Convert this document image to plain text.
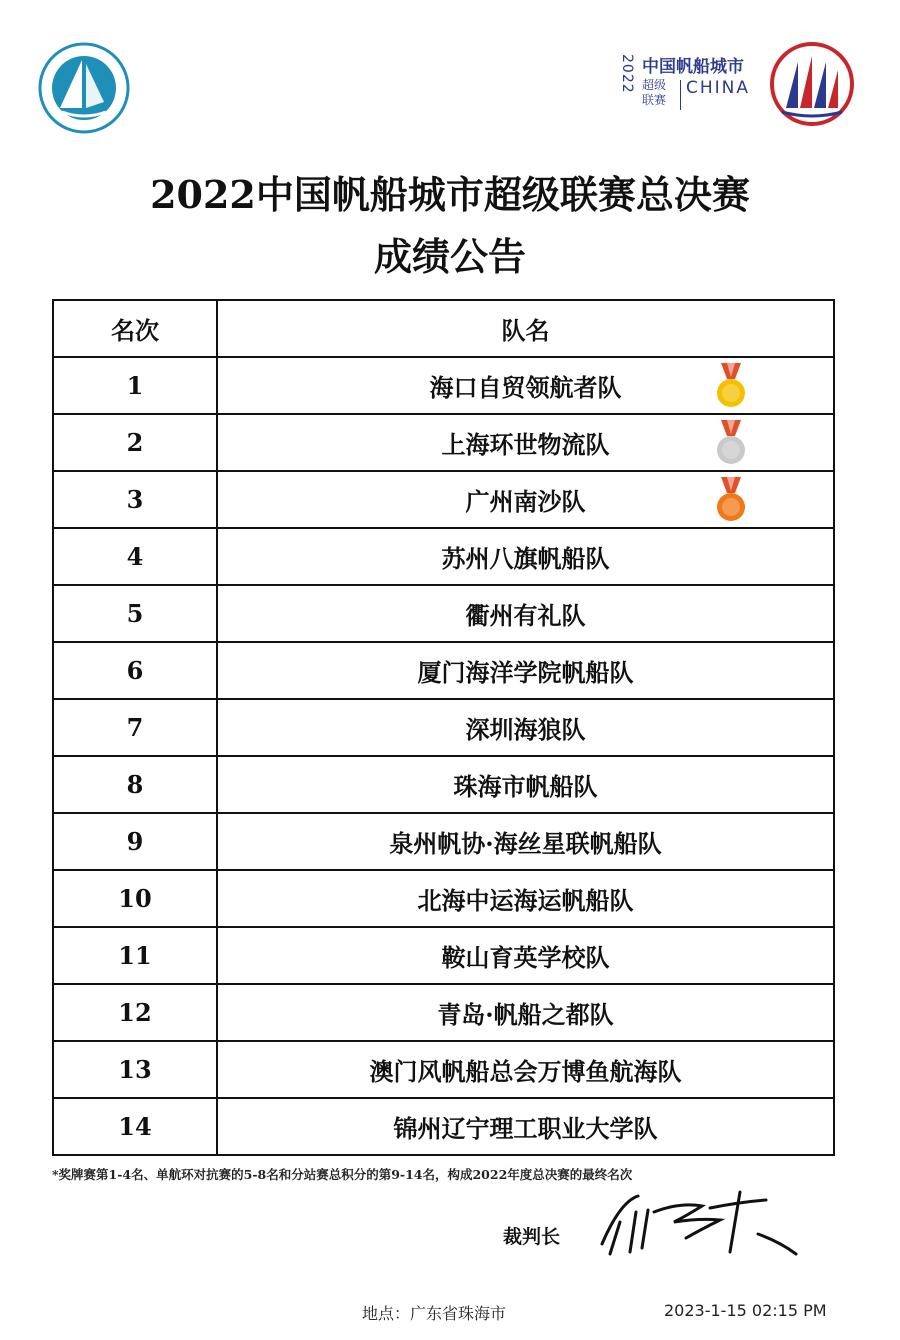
2022 中国帆船城市
超级联赛
CHINA
2022中国帆船城市超级联赛总决赛
成绩公告
名次	队名
1	海口自贸领航者队

2	上海环世物流队

3	广州南沙队

4	苏州八旗帆船队
5	衢州有礼队
6	厦门海洋学院帆船队
7	深圳海狼队
8	珠海市帆船队
9	泉州帆协·海丝星联帆船队
10	北海中运海运帆船队
11	鞍山育英学校队
12	青岛·帆船之都队
13	澳门风帆船总会万博鱼航海队
14	锦州辽宁理工职业大学队
*奖牌赛第1-4名、单航环对抗赛的5-8名和分站赛总积分的第9-14名，构成2022年度总决赛的最终名次
裁判长
地点：广东省珠海市	2023-1-15 02:15 PM
